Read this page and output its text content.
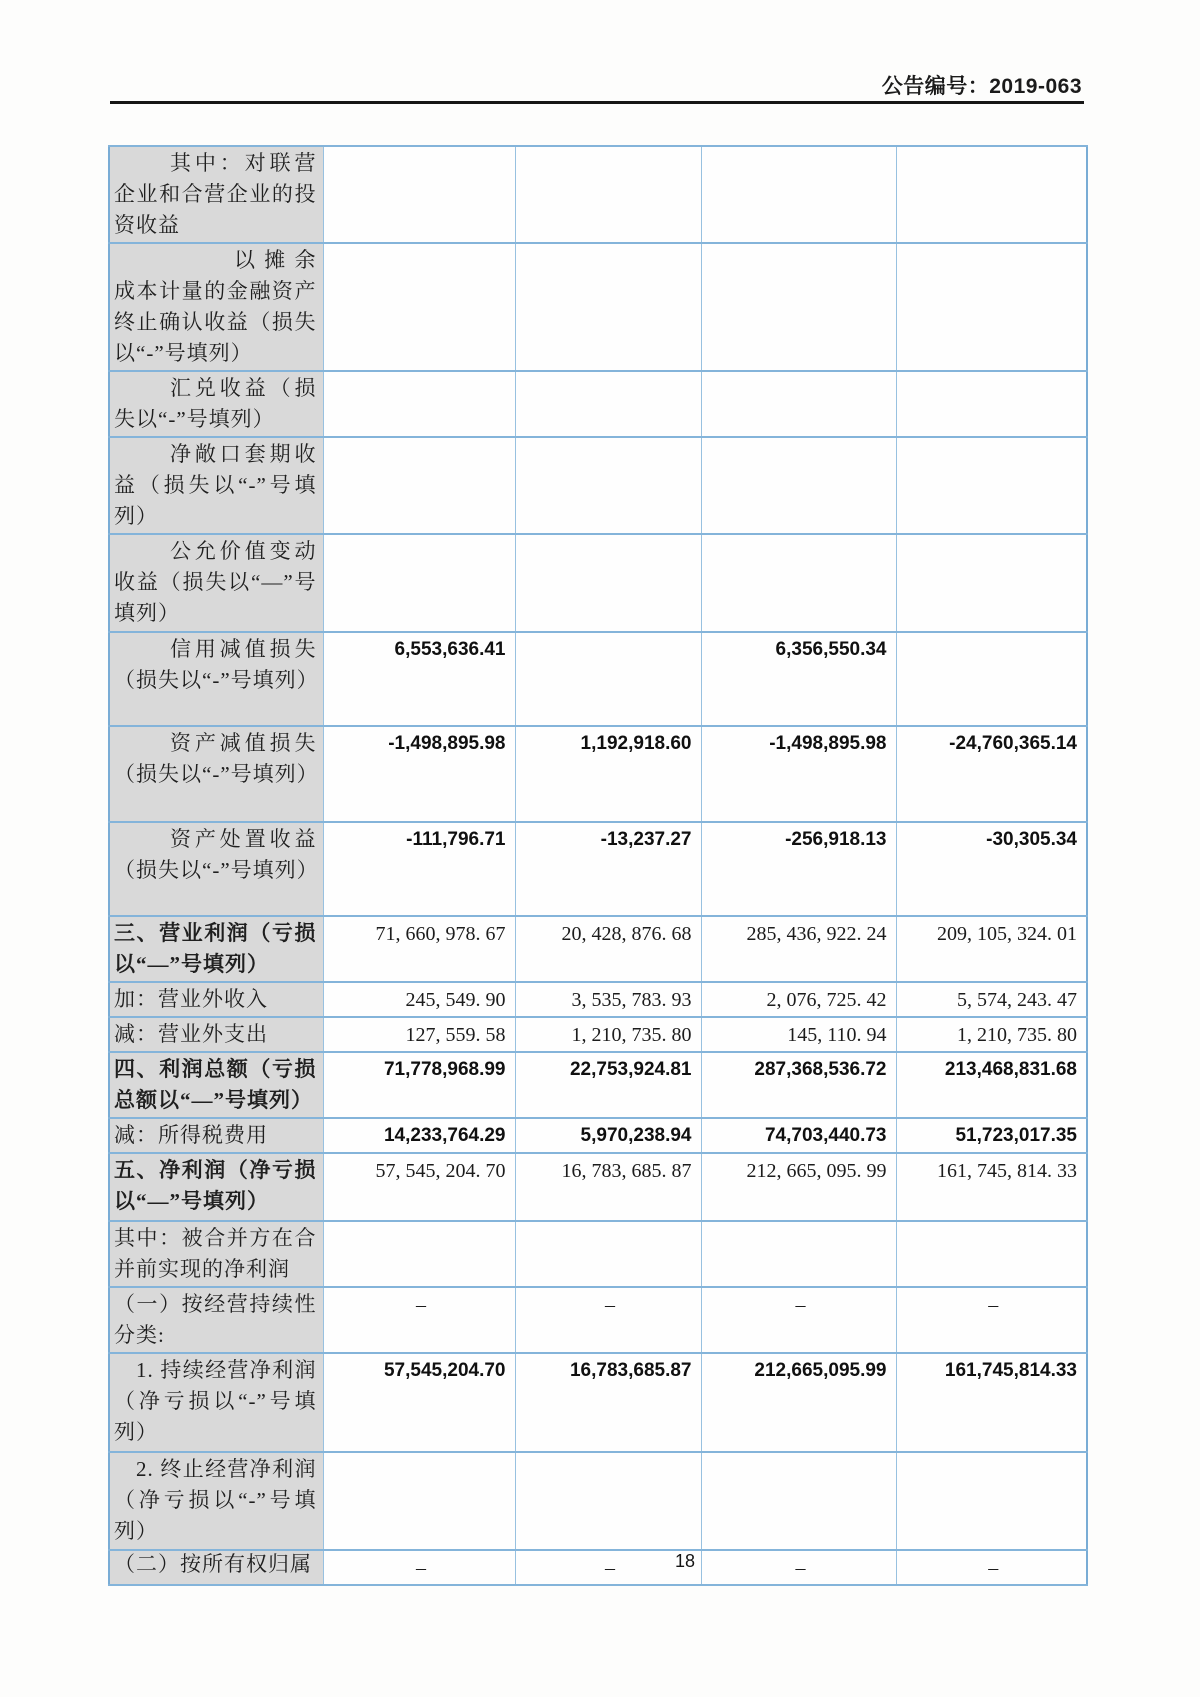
公告编号：2019-063
其中：对联营企业和合营企业的投资收益				
以摊余成本计量的金融资产终止确认收益（损失以“-”号填列）				
汇兑收益（损失以“-”号填列）				
净敞口套期收益（损失以“-”号填列）				
公允价值变动收益（损失以“—”号填列）				
信用减值损失（损失以“-”号填列）	6,553,636.41		6,356,550.34	
资产减值损失（损失以“-”号填列）	-1,498,895.98	1,192,918.60	-1,498,895.98	-24,760,365.14
资产处置收益（损失以“-”号填列）	-111,796.71	-13,237.27	-256,918.13	-30,305.34
三、营业利润（亏损以“—”号填列）	71, 660, 978. 67	20, 428, 876. 68	285, 436, 922. 24	209, 105, 324. 01
加：营业外收入	245, 549. 90	3, 535, 783. 93	2, 076, 725. 42	5, 574, 243. 47
减：营业外支出	127, 559. 58	1, 210, 735. 80	145, 110. 94	1, 210, 735. 80
四、利润总额（亏损总额以“—”号填列）	71,778,968.99	22,753,924.81	287,368,536.72	213,468,831.68
减：所得税费用	14,233,764.29	5,970,238.94	74,703,440.73	51,723,017.35
五、净利润（净亏损以“—”号填列）	57, 545, 204. 70	16, 783, 685. 87	212, 665, 095. 99	161, 745, 814. 33
其中：被合并方在合并前实现的净利润				
（一）按经营持续性分类:	–	–	–	–
1. 持续经营净利润（净亏损以“-”号填列）	57,545,204.70	16,783,685.87	212,665,095.99	161,745,814.33
2. 终止经营净利润（净亏损以“-”号填列）				
（二）按所有权归属	–	–	–	–
18
